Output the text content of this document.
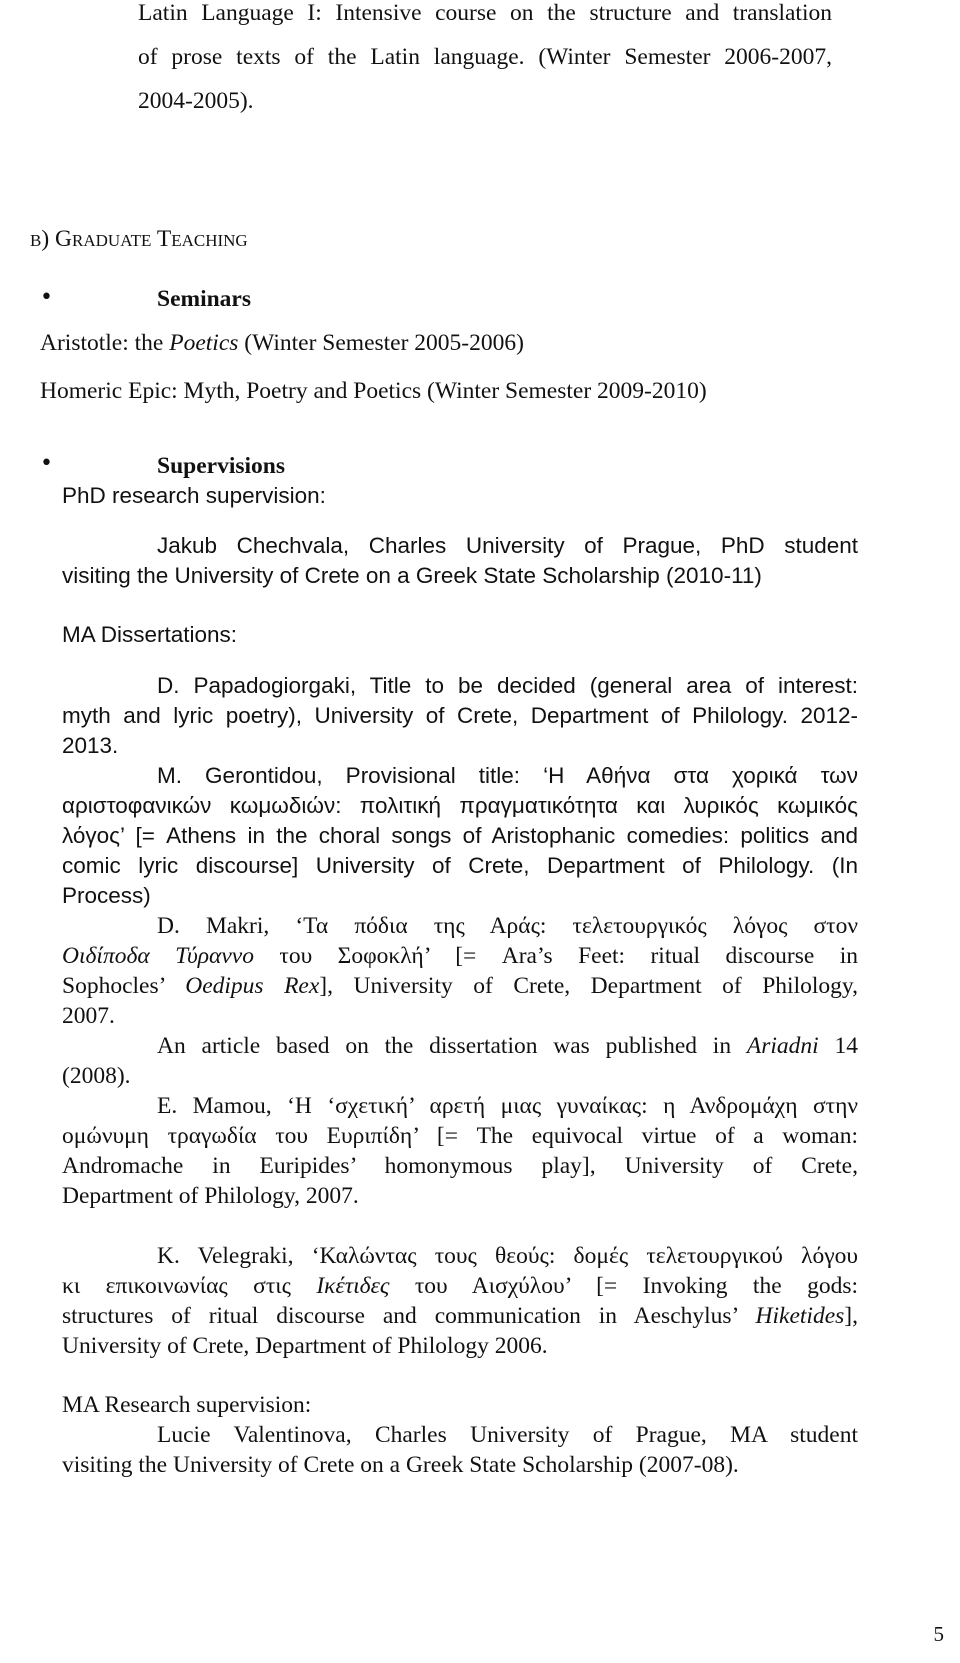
Latin Language I: Intensive course on the structure and translation
of prose texts of the Latin language. (Winter Semester 2006-2007,
2004-2005).
B) GRADUATE TEACHING
•	Seminars
Aristotle: the Poetics (Winter Semester 2005-2006)
Homeric Epic: Myth, Poetry and Poetics (Winter Semester 2009-2010)
•	Supervisions
PhD research supervision:
Jakub Chechvala, Charles University of Prague, PhD student
visiting the University of Crete on a Greek State Scholarship (2010-11)
MA Dissertations:
D. Papadogiorgaki, Title to be decided (general area of interest:
myth and lyric poetry), University of Crete, Department of Philology. 2012-
2013.
M. Gerontidou, Provisional title: ‘Η Αθήνα στα χορικά των
αριστοφανικών κωμωδιών: πολιτική πραγματικότητα και λυρικός κωμικός
λόγος’ [= Athens in the choral songs of Aristophanic comedies: politics and
comic lyric discourse] University of Crete, Department of Philology. (In
Process)
D. Makri, ‘Τα πόδια της Αράς: τελετουργικός λόγος στον
Οιδίποδα Τύραννο του Σοφοκλή’ [= Ara’s Feet: ritual discourse in
Sophocles’ Oedipus Rex], University of Crete, Department of Philology,
2007.
An article based on the dissertation was published in Ariadni 14
(2008).
E. Mamou, ‘Η ‘σχετική’ αρετή μιας γυναίκας: η Ανδρομάχη στην
ομώνυμη τραγωδία του Ευριπίδη’ [= The equivocal virtue of a woman:
Andromache in Euripides’ homonymous play], University of Crete,
Department of Philology, 2007.
K. Velegraki, ‘Καλώντας τους θεούς: δομές τελετουργικού λόγου
κι επικοινωνίας στις Ικέτιδες του Αισχύλου’ [= Invoking the gods:
structures of ritual discourse and communication in Aeschylus’ Hiketides],
University of Crete, Department of Philology 2006.
MA Research supervision:
Lucie Valentinova, Charles University of Prague, MA student
visiting the University of Crete on a Greek State Scholarship (2007-08).
5
